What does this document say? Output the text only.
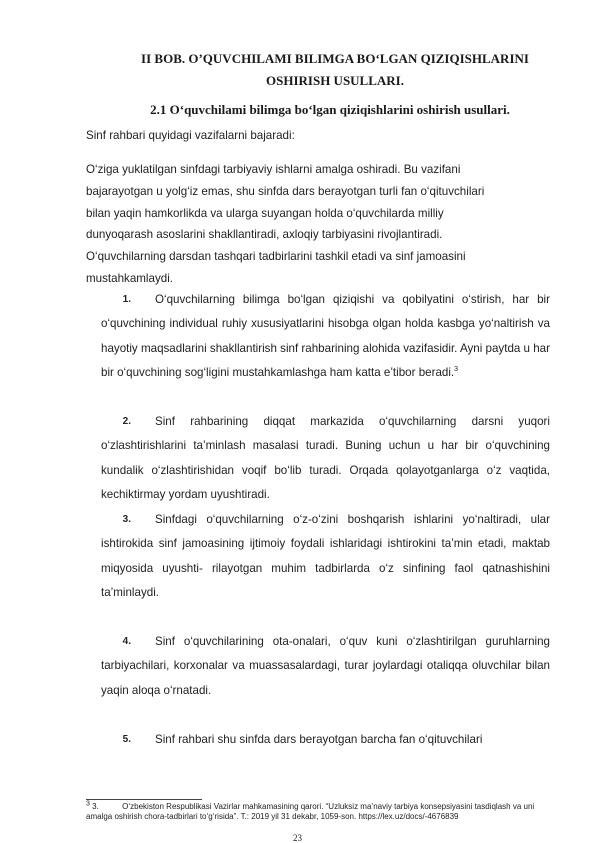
II BOB. O’QUVCHILAMI BILIMGA BO‘LGAN QIZIQISHLARINI
OSHIRISH USULLARI.
2.1 O‘quvchilami bilimga bo‘lgan qiziqishlarini oshirish usullari.

Sinf rahbari quyidagi vazifalarni bajaradi:

O‘ziga yuklatilgan sinfdagi tarbiyaviy ishlarni amalga oshiradi. Bu vazifani
bajarayotgan u yolg‘iz emas, shu sinfda dars berayotgan turli fan o‘qituvchilari
bilan yaqin hamkorlikda va ularga suyangan holda o‘quvchilarda milliy
dunyoqarash asoslarini shakllantiradi, axloqiy tarbiyasini rivojlantiradi.
O‘quvchilarning darsdan tashqari tadbirlarini tashkil etadi va sinf jamoasini
mustahkamlaydi.

1. O‘quvchilarning bilimga bo‘lgan qiziqishi va qobilyatini o‘stirish, har bir o‘quvchining individual ruhiy xususiyatlarini hisobga olgan holda kasbga yo‘naltirish va hayotiy maqsadlarini shakllantirish sinf rahbarining alohida vazifasidir. Ayni paytda u har bir o‘quvchining sog‘ligini mustahkamlashga ham katta e’tibor beradi.$^3$

2. Sinf rahbarining diqqat markazida o‘quvchilarning darsni yuqori o‘zlashtirishlarini ta’minlash masalasi turadi. Buning uchun u har bir o‘quvchining kundalik o‘zlashtirishidan voqif bo‘lib turadi. Orqada qolayotganlarga o‘z vaqtida, kechiktirmay yordam uyushtiradi.

3. Sinfdagi o‘quvchilarning o‘z-o‘zini boshqarish ishlarini yo‘naltiradi, ular ishtirokida sinf jamoasining ijtimoiy foydali ishlaridagi ishtirokini ta’min etadi, maktab miqyosida uyushti- rilayotgan muhim tadbirlarda o‘z sinfining faol qatnashishini ta’minlaydi.

4. Sinf o‘quvchilarining ota-onalari, o‘quv kuni o‘zlashtirilgan guruhlarning tarbiyachilari, korxonalar va muassasalardagi, turar joylardagi otaliqqa oluvchilar bilan yaqin aloqa o‘rnatadi.

5. Sinf rahbari shu sinfda dars berayotgan barcha fan o‘qituvchilari

$^3$ 3.	O‘zbekiston Respublikasi Vazirlar mahkamasining qarori. “Uzluksiz ma’naviy tarbiya konsepsiyasini tasdiqlash va uni amalga oshirish chora-tadbirlari to‘g‘risida”. T.: 2019 yil 31 dekabr, 1059-son. https://lex.uz/docs/-4676839

23
